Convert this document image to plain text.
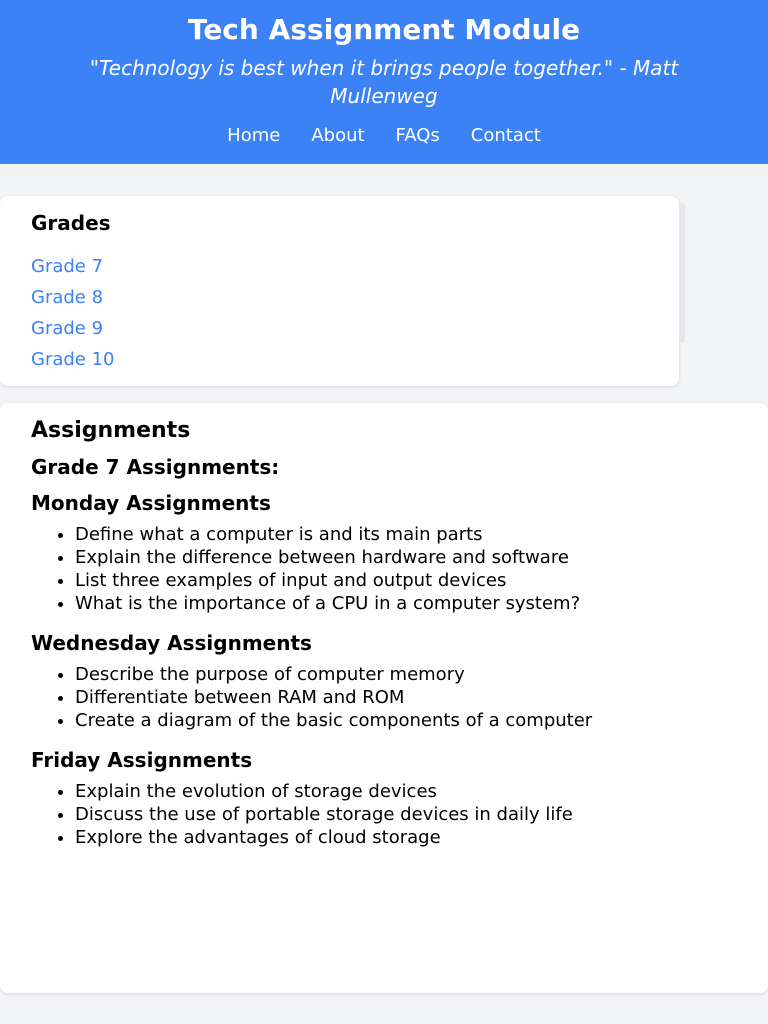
Tech Assignment Module

"Technology is best when it brings people together." - Matt Mullenweg

Home About FAQs Contact
Grades
Grade 7
Grade 8
Grade 9
Grade 10
Assignments
Grade 7 Assignments:
Monday Assignments
• Define what a computer is and its main parts
• Explain the difference between hardware and software
• List three examples of input and output devices
• What is the importance of a CPU in a computer system?
Wednesday Assignments
• Describe the purpose of computer memory
• Differentiate between RAM and ROM
• Create a diagram of the basic components of a computer
Friday Assignments
• Explain the evolution of storage devices
• Discuss the use of portable storage devices in daily life
• Explore the advantages of cloud storage
